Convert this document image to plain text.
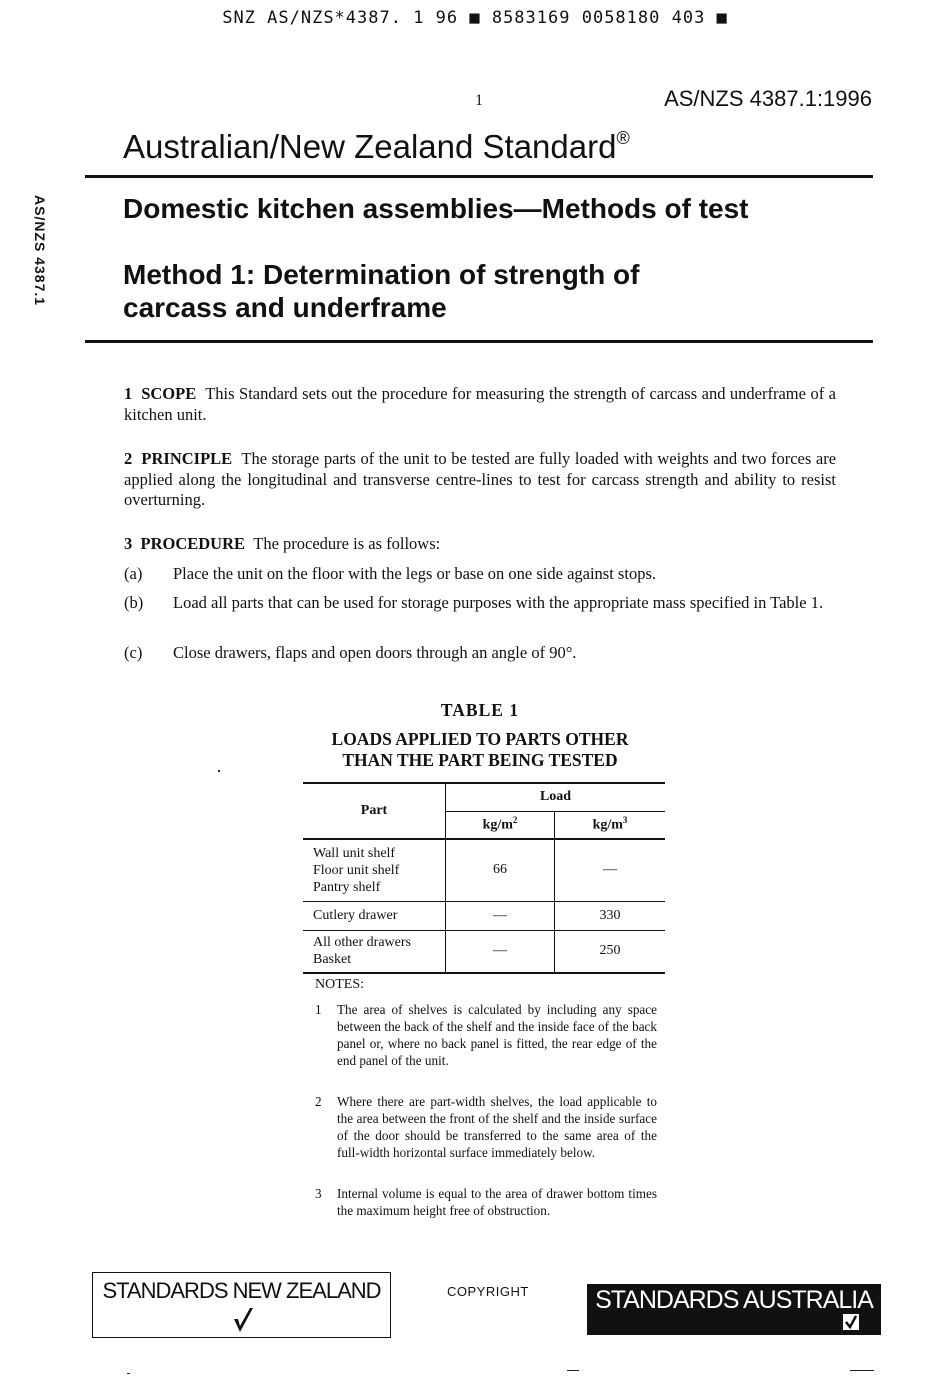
SNZ AS/NZS*4387. 1 96 ■ 8583169 0058180 403 ■
1	AS/NZS 4387.1:1996
Australian/New Zealand Standard®
AS/NZS 4387.1	Domestic kitchen assemblies—Methods of test
Method 1: Determination of strength of
carcass and underframe
1 SCOPE This Standard sets out the procedure for measuring the strength of carcass and underframe of a kitchen unit.
2 PRINCIPLE The storage parts of the unit to be tested are fully loaded with weights and two forces are applied along the longitudinal and transverse centre-lines to test for carcass strength and ability to resist overturning.
3 PROCEDURE The procedure is as follows:
(a) Place the unit on the floor with the legs or base on one side against stops.
(b) Load all parts that can be used for storage purposes with the appropriate mass specified in Table 1.
(c) Close drawers, flaps and open doors through an angle of 90°.
TABLE 1
LOADS APPLIED TO PARTS OTHER
THAN THE PART BEING TESTED
Part	Load	
	$kg/m^2$	$kg/m^3$

Wall unit shelf
Floor unit shelf
Pantry shelf	66	—

Cutlery drawer	—	330

All other drawers
Basket	—	250
NOTES:
1 The area of shelves is calculated by including any space between the back of the shelf and the inside face of the back panel or, where no back panel is fitted, the rear edge of the end panel of the unit.
2 Where there are part-width shelves, the load applicable to the area between the front of the shelf and the inside surface of the door should be transferred to the same area of the full-width horizontal surface immediately below.
3 Internal volume is equal to the area of drawer bottom times the maximum height free of obstruction.
STANDARDS NEW ZEALAND	COPYRIGHT	STANDARDS AUSTRALIA
